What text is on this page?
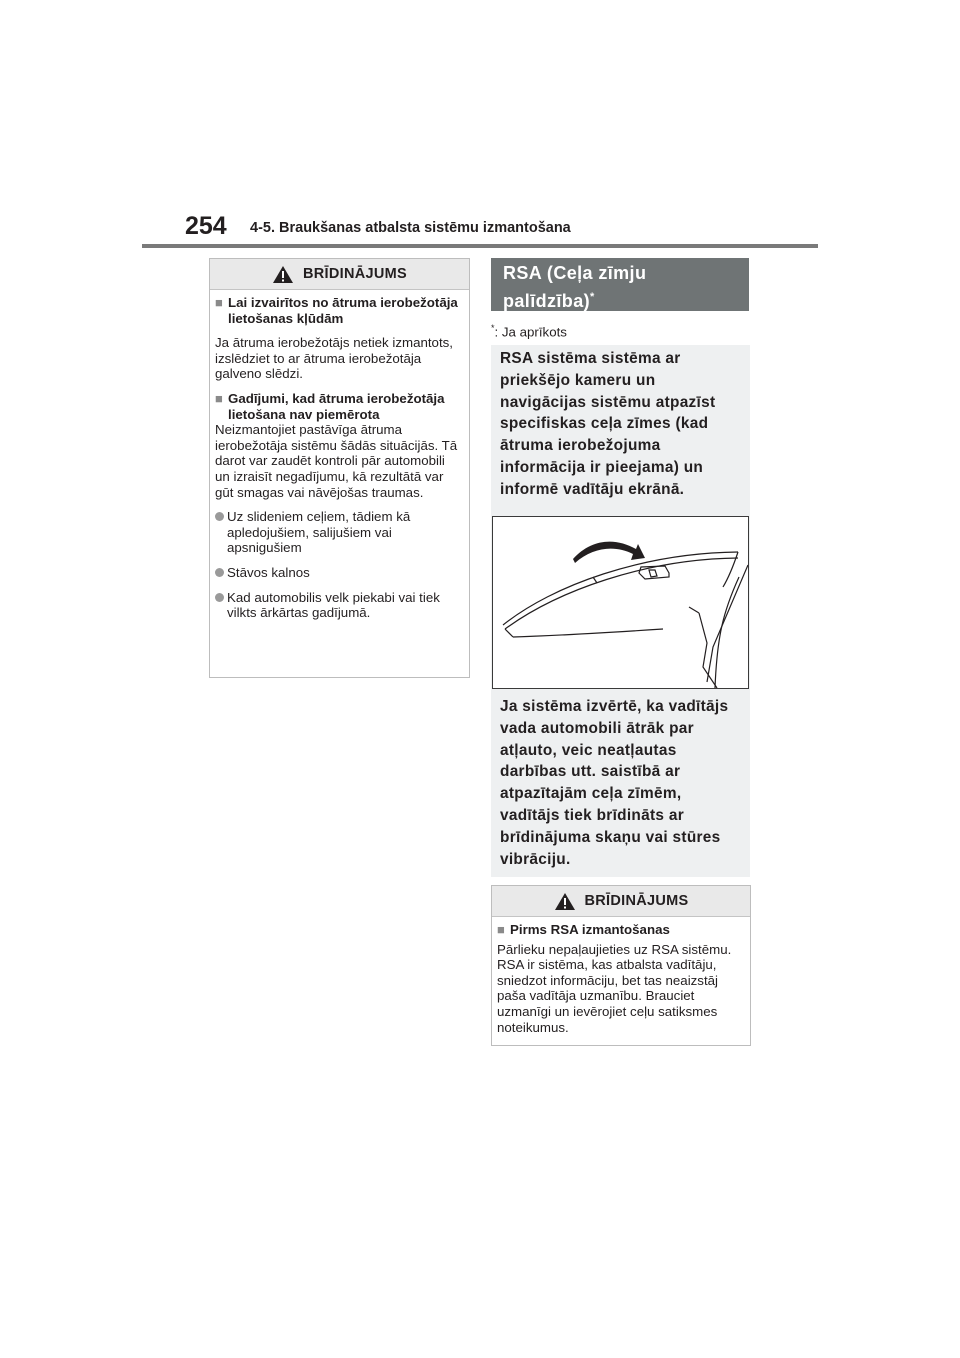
254 4-5. Braukšanas atbalsta sistēmu izmantošana
BRĪDINĀJUMS
■ Lai izvairītos no ātruma ierobežotāja lietošanas kļūdām

Ja ātruma ierobežotājs netiek izmantots, izslēdziet to ar ātruma ierobežotāja galveno slēdzi.

■ Gadījumi, kad ātruma ierobežotāja lietošana nav piemērota

Neizmantojiet pastāvīga ātruma ierobežotāja sistēmu šādās situācijās. Tā darot var zaudēt kontroli pār automobili un izraisīt negadījumu, kā rezultātā var gūt smagas vai nāvējošas traumas.

Uz slideniem ceļiem, tādiem kā apledojušiem, salijušiem vai apsnigušiem
Stāvos kalnos
Kad automobilis velk piekabi vai tiek vilkts ārkārtas gadījumā.
RSA (Ceļa zīmju palīdzība)*
*: Ja aprīkots
RSA sistēma sistēma ar priekšējo kameru un navigācijas sistēmu atpazīst specifiskas ceļa zīmes (kad ātruma ierobežojuma informācija ir pieejama) un informē vadītāju ekrānā.
Ja sistēma izvērtē, ka vadītājs vada automobili ātrāk par atļauto, veic neatļautas darbības utt. saistībā ar atpazītajām ceļa zīmēm, vadītājs tiek brīdināts ar brīdinājuma skaņu vai stūres vibrāciju.
BRĪDINĀJUMS
■ Pirms RSA izmantošanas

Pārlieku nepaļaujieties uz RSA sistēmu. RSA ir sistēma, kas atbalsta vadītāju, sniedzot informāciju, bet tas neaizstāj paša vadītāja uzmanību. Brauciet uzmanīgi un ievērojiet ceļu satiksmes noteikumus.
